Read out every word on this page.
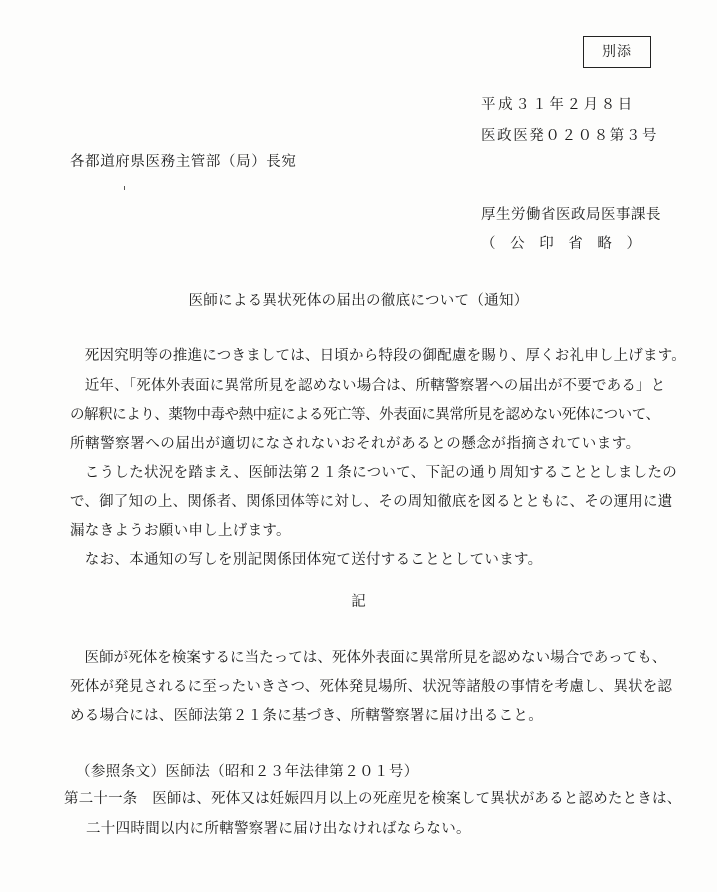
別添
平成３１年２月８日
医政医発０２０８第３号
各都道府県医務主管部（局）長宛
厚生労働省医政局医事課長
（ 公 印 省 略 ）
医師による異状死体の届出の徹底について（通知）
　死因究明等の推進につきましては、日頃から特段の御配慮を賜り、厚くお礼申し上げます。
　近年、「死体外表面に異常所見を認めない場合は、所轄警察署への届出が不要である」と
の解釈により、薬物中毒や熱中症による死亡等、外表面に異常所見を認めない死体について、
所轄警察署への届出が適切になされないおそれがあるとの懸念が指摘されています。
　こうした状況を踏まえ、医師法第２１条について、下記の通り周知することとしましたの
で、御了知の上、関係者、関係団体等に対し、その周知徹底を図るとともに、その運用に遺
漏なきようお願い申し上げます。
　なお、本通知の写しを別記関係団体宛て送付することとしています。
記
　医師が死体を検案するに当たっては、死体外表面に異常所見を認めない場合であっても、
死体が発見されるに至ったいきさつ、死体発見場所、状況等諸般の事情を考慮し、異状を認
める場合には、医師法第２１条に基づき、所轄警察署に届け出ること。
（参照条文）医師法（昭和２３年法律第２０１号）
第二十一条　医師は、死体又は妊娠四月以上の死産児を検案して異状があると認めたときは、
二十四時間以内に所轄警察署に届け出なければならない。
